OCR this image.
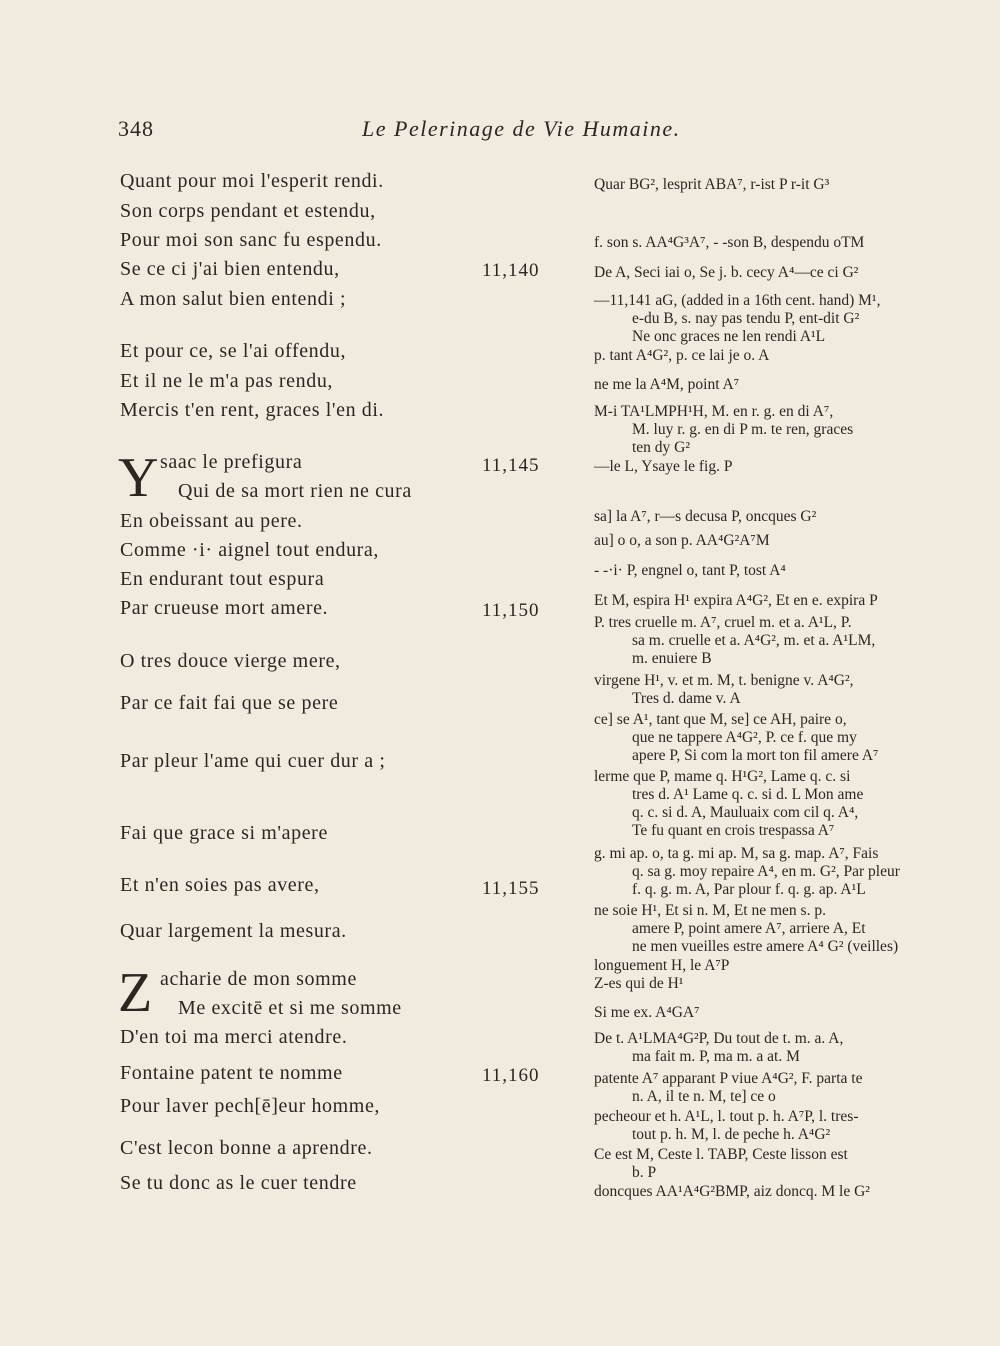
348	Le Pelerinage de Vie Humaine.
Quant pour moi l'esperit rendi.
Son corps pendant et estendu,
Pour moi son sanc fu espendu.
Se ce ci j'ai bien entendu,
A mon salut bien entendi ;
Et pour ce, se l'ai offendu,
Et il ne le m'a pas rendu,
Mercis t'en rent, graces l'en di.
Y saac le prefigura
Qui de sa mort rien ne cura
En obeissant au pere.
Comme ·i· aignel tout endura,
En endurant tout espura
Par crueuse mort amere.
O tres douce vierge mere,
Par ce fait fai que se pere
Par pleur l'ame qui cuer dur a ;
Fai que grace si m'apere
Et n'en soies pas avere,
Quar largement la mesura.
Z acharie de mon somme
Me excitē et si me somme
D'en toi ma merci atendre.
Fontaine patent te nomme
Pour laver pech[ē]eur homme,
C'est lecon bonne a aprendre.
Se tu donc as le cuer tendre
11,140
11,145
11,150
11,155
11,160
Quar BG², lesprit ABA⁷, r-ist P r-it G³
f. son s. AA⁴G³A⁷, - -son B, despendu oTM
De A, Seci iai o, Se j. b. cecy A⁴—ce ci G²
—11,141 aG, (added in a 16th cent. hand) M¹,

e-du B, s. nay pas tendu P, ent-dit G²
Ne onc graces ne len rendi A¹L
p. tant A⁴G², p. ce lai je o. A
ne me la A⁴M, point A⁷
M-i TA¹LMPH¹H, M. en r. g. en di A⁷,

M. luy r. g. en di P m. te ren, graces
ten dy G²
—le L, Ysaye le fig. P
sa] la A⁷, r—s decusa P, oncques G²
au] o o, a son p. AA⁴G²A⁷M
- -·i· P, engnel o, tant P, tost A⁴
Et M, espira H¹ expira A⁴G², Et en e. expira P
P. tres cruelle m. A⁷, cruel m. et a. A¹L, P.

sa m. cruelle et a. A⁴G², m. et a. A¹LM,
m. enuiere B
virgene H¹, v. et m. M, t. benigne v. A⁴G²,

Tres d. dame v. A
ce] se A¹, tant que M, se] ce AH, paire o,

que ne tappere A⁴G², P. ce f. que my
apere P, Si com la mort ton fil amere A⁷
lerme que P, mame q. H¹G², Lame q. c. si

tres d. A¹ Lame q. c. si d. L Mon ame
q. c. si d. A, Mauluaix com cil q. A⁴,
Te fu quant en crois trespassa A⁷
g. mi ap. o, ta g. mi ap. M, sa g. map. A⁷, Fais

q. sa g. moy repaire A⁴, en m. G², Par pleur
f. q. g. m. A, Par plour f. q. g. ap. A¹L
ne soie H¹, Et si n. M, Et ne men s. p.

amere P, point amere A⁷, arriere A, Et
ne men vueilles estre amere A⁴ G² (veilles)
longuement H, le A⁷P
Z-es qui de H¹
Si me ex. A⁴GA⁷
De t. A¹LMA⁴G²P, Du tout de t. m. a. A,

ma fait m. P, ma m. a at. M
patente A⁷ apparant P viue A⁴G², F. parta te

n. A, il te n. M, te] ce o
pecheour et h. A¹L, l. tout p. h. A⁷P, l. tres-

tout p. h. M, l. de peche h. A⁴G²
Ce est M, Ceste l. TABP, Ceste lisson est

b. P
doncques AA¹A⁴G²BMP, aiz doncq. M le G²
